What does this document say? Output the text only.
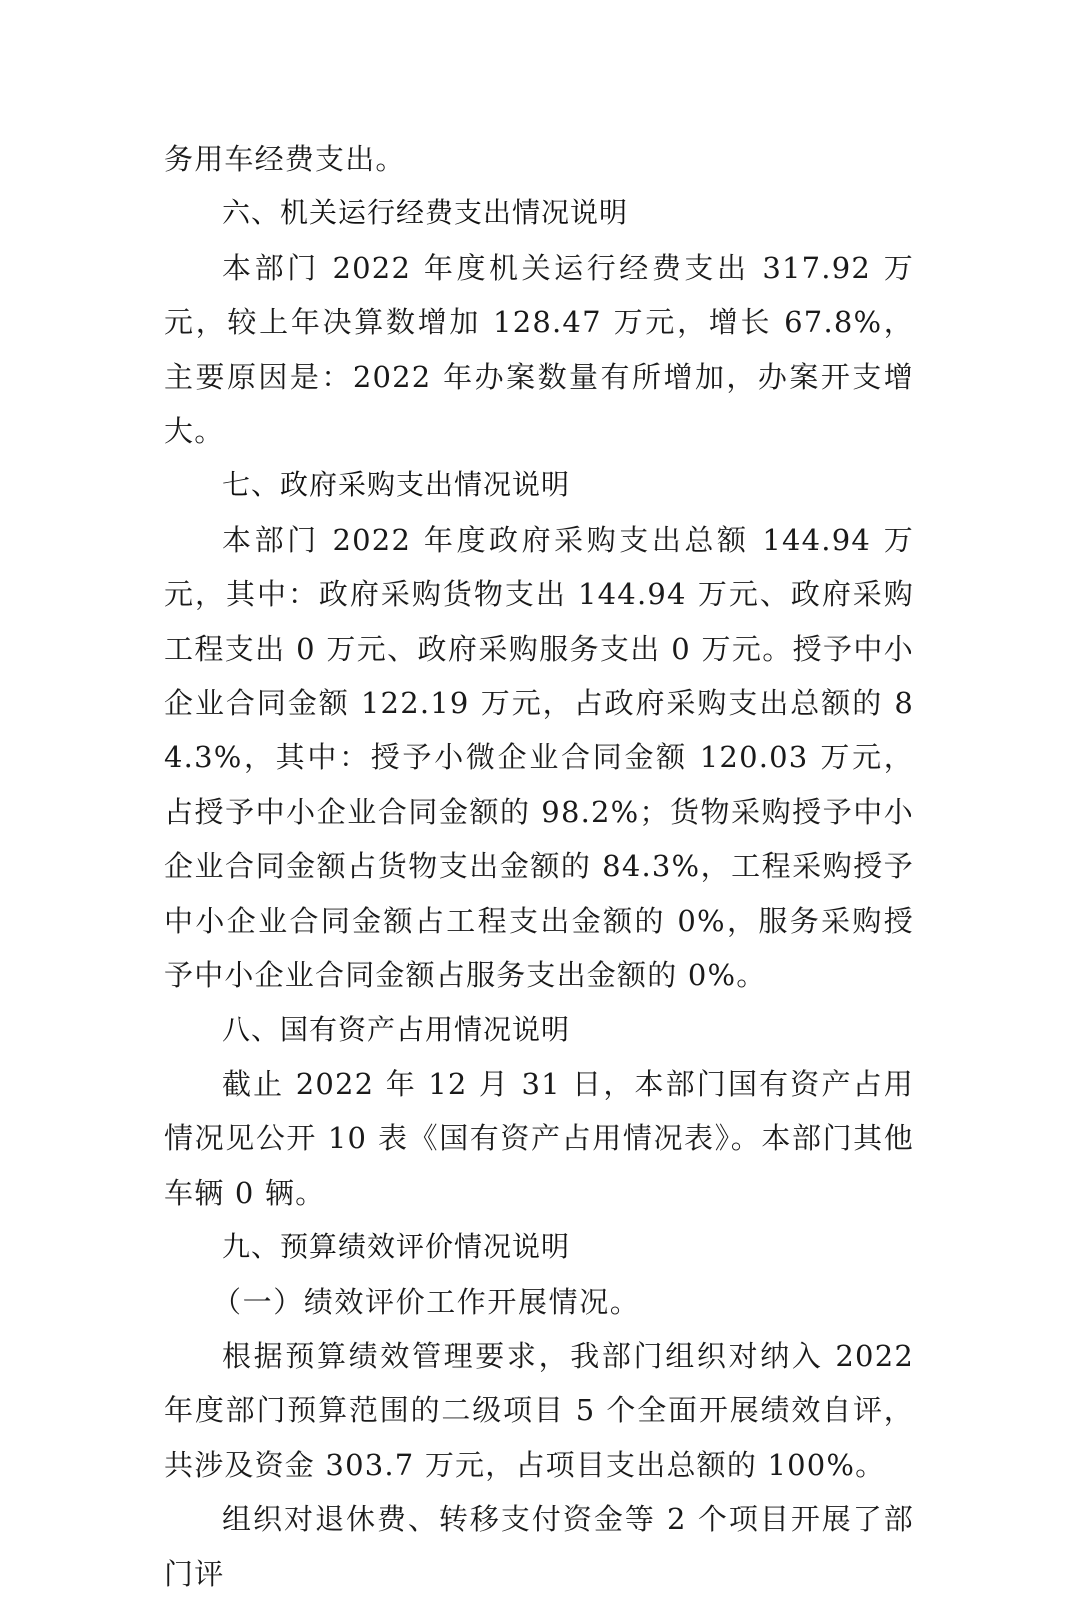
务用车经费支出。

六、机关运行经费支出情况说明

本部门 2022 年度机关运行经费支出 317.92 万元，较上年决算数增加 128.47 万元，增长 67.8%，主要原因是：2022 年办案数量有所增加，办案开支增大。

七、政府采购支出情况说明

本部门 2022 年度政府采购支出总额 144.94 万元，其中：政府采购货物支出 144.94 万元、政府采购工程支出 0 万元、政府采购服务支出 0 万元。授予中小企业合同金额 122.19 万元，占政府采购支出总额的 84.3%，其中：授予小微企业合同金额 120.03 万元，占授予中小企业合同金额的 98.2%；货物采购授予中小企业合同金额占货物支出金额的 84.3%，工程采购授予中小企业合同金额占工程支出金额的 0%，服务采购授予中小企业合同金额占服务支出金额的 0%。

八、国有资产占用情况说明

截止 2022 年 12 月 31 日，本部门国有资产占用情况见公开 10 表《国有资产占用情况表》。本部门其他车辆 0 辆。

九、预算绩效评价情况说明

（一）绩效评价工作开展情况。

根据预算绩效管理要求，我部门组织对纳入 2022 年度部门预算范围的二级项目 5 个全面开展绩效自评，共涉及资金 303.7 万元，占项目支出总额的 100%。

组织对退休费、转移支付资金等 2 个项目开展了部门评
